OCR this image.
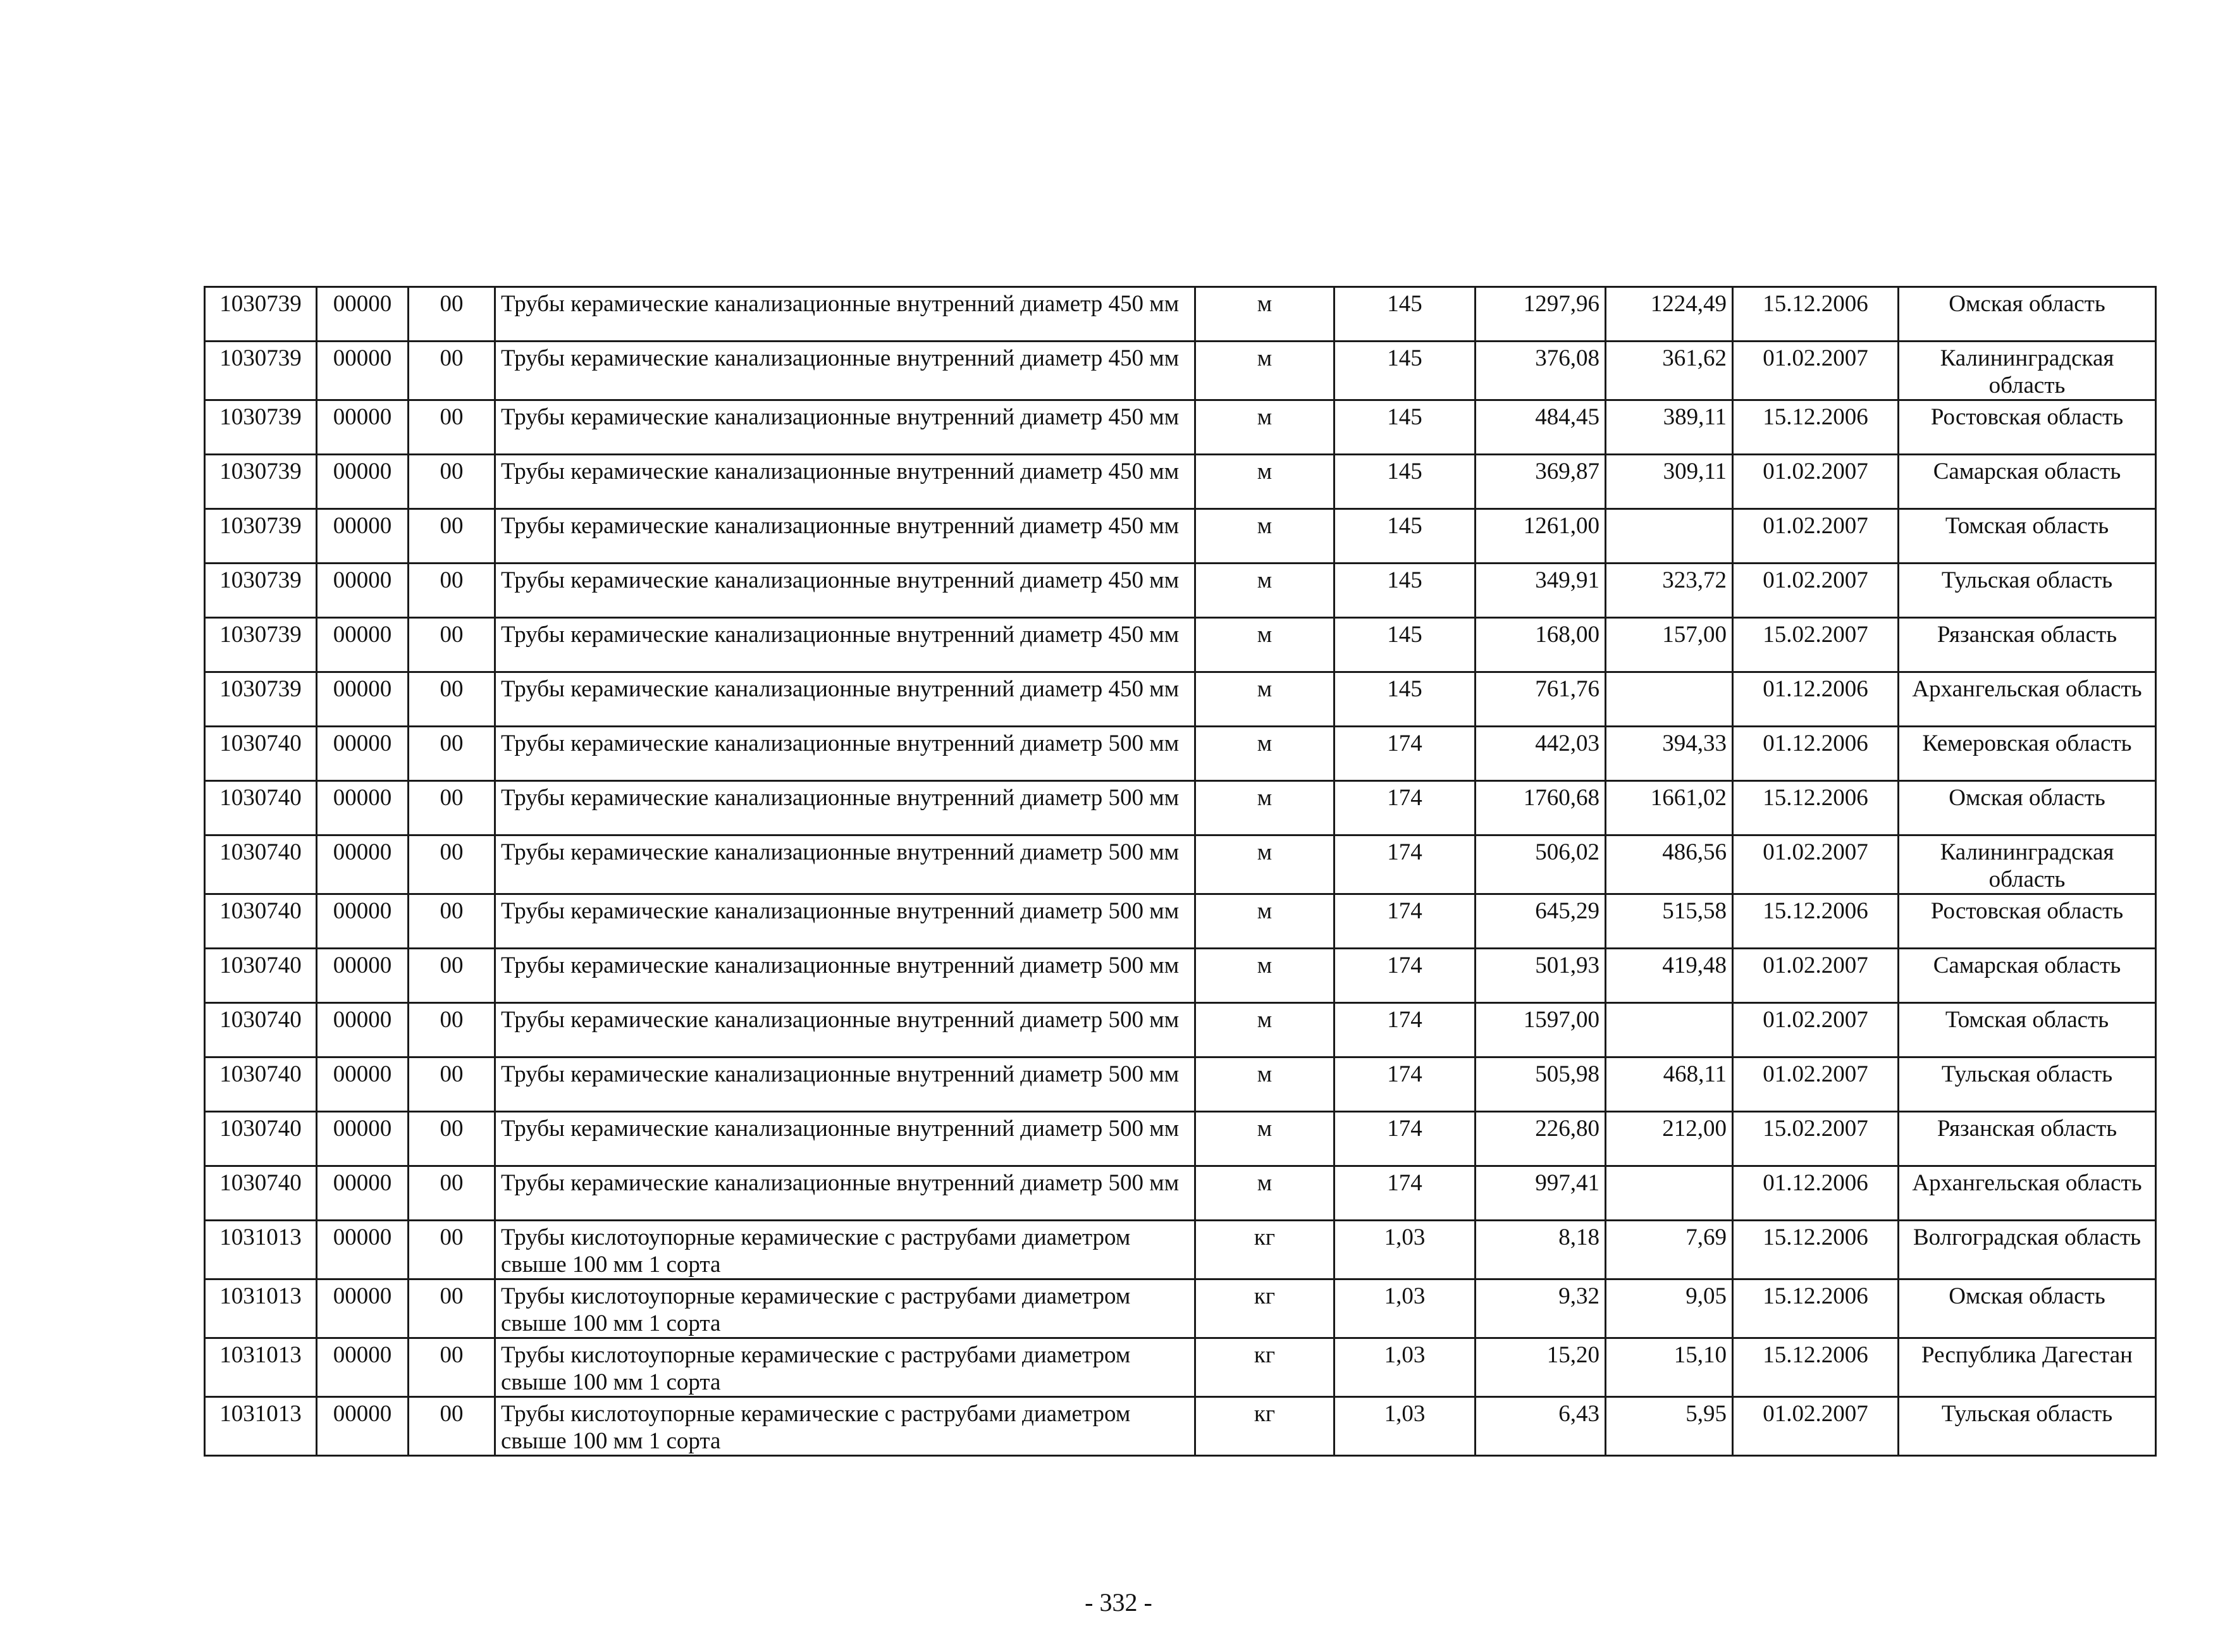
1030739	00000	00	Трубы керамические канализационные внутренний диаметр 450 мм	м	145	1297,96	1224,49	15.12.2006	Омская область
1030739	00000	00	Трубы керамические канализационные внутренний диаметр 450 мм	м	145	376,08	361,62	01.02.2007	Калининградская область
1030739	00000	00	Трубы керамические канализационные внутренний диаметр 450 мм	м	145	484,45	389,11	15.12.2006	Ростовская область
1030739	00000	00	Трубы керамические канализационные внутренний диаметр 450 мм	м	145	369,87	309,11	01.02.2007	Самарская область
1030739	00000	00	Трубы керамические канализационные внутренний диаметр 450 мм	м	145	1261,00		01.02.2007	Томская область
1030739	00000	00	Трубы керамические канализационные внутренний диаметр 450 мм	м	145	349,91	323,72	01.02.2007	Тульская область
1030739	00000	00	Трубы керамические канализационные внутренний диаметр 450 мм	м	145	168,00	157,00	15.02.2007	Рязанская область
1030739	00000	00	Трубы керамические канализационные внутренний диаметр 450 мм	м	145	761,76		01.12.2006	Архангельская область
1030740	00000	00	Трубы керамические канализационные внутренний диаметр 500 мм	м	174	442,03	394,33	01.12.2006	Кемеровская область
1030740	00000	00	Трубы керамические канализационные внутренний диаметр 500 мм	м	174	1760,68	1661,02	15.12.2006	Омская область
1030740	00000	00	Трубы керамические канализационные внутренний диаметр 500 мм	м	174	506,02	486,56	01.02.2007	Калининградская область
1030740	00000	00	Трубы керамические канализационные внутренний диаметр 500 мм	м	174	645,29	515,58	15.12.2006	Ростовская область
1030740	00000	00	Трубы керамические канализационные внутренний диаметр 500 мм	м	174	501,93	419,48	01.02.2007	Самарская область
1030740	00000	00	Трубы керамические канализационные внутренний диаметр 500 мм	м	174	1597,00		01.02.2007	Томская область
1030740	00000	00	Трубы керамические канализационные внутренний диаметр 500 мм	м	174	505,98	468,11	01.02.2007	Тульская область
1030740	00000	00	Трубы керамические канализационные внутренний диаметр 500 мм	м	174	226,80	212,00	15.02.2007	Рязанская область
1030740	00000	00	Трубы керамические канализационные внутренний диаметр 500 мм	м	174	997,41		01.12.2006	Архангельская область
1031013	00000	00	Трубы кислотоупорные керамические с раструбами диаметром свыше 100 мм 1 сорта	кг	1,03	8,18	7,69	15.12.2006	Волгоградская область
1031013	00000	00	Трубы кислотоупорные керамические с раструбами диаметром свыше 100 мм 1 сорта	кг	1,03	9,32	9,05	15.12.2006	Омская область
1031013	00000	00	Трубы кислотоупорные керамические с раструбами диаметром свыше 100 мм 1 сорта	кг	1,03	15,20	15,10	15.12.2006	Республика Дагестан
1031013	00000	00	Трубы кислотоупорные керамические с раструбами диаметром свыше 100 мм 1 сорта	кг	1,03	6,43	5,95	01.02.2007	Тульская область
- 332 -
